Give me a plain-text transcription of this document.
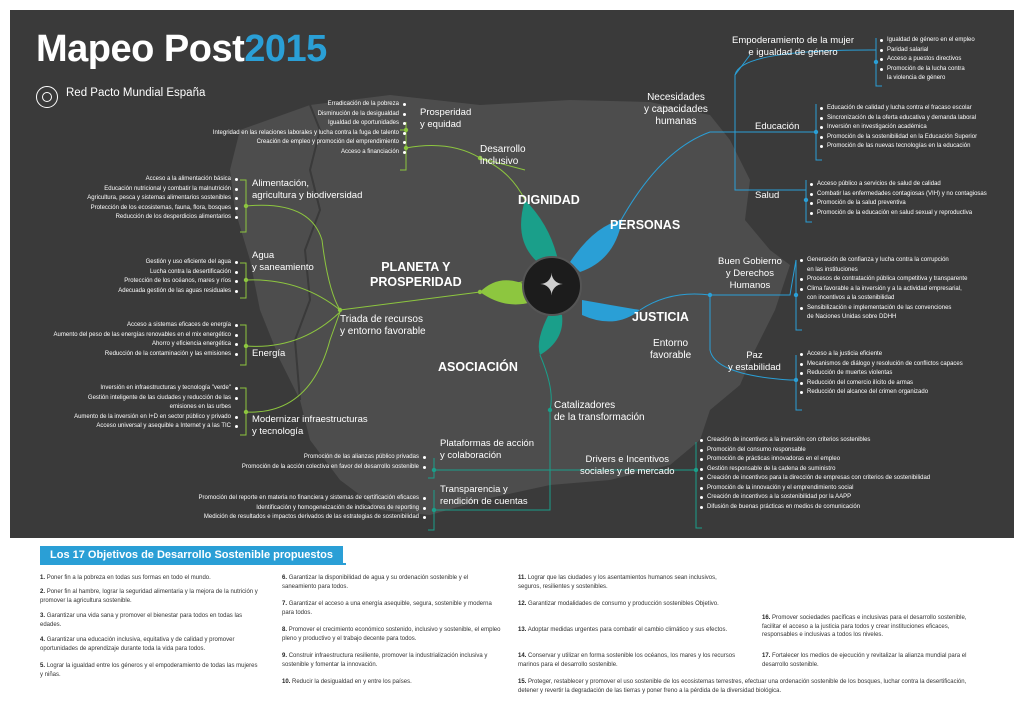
Mapeo Post2015
Red Pacto Mundial España
✦
DIGNIDAD
PERSONAS
PLANETA Y
PROSPERIDAD
JUSTICIA
ASOCIACIÓN
Desarrollo
inclusivo
Necesidades
y capacidades
humanas
Triada de recursos
y entorno favorable
Entorno
favorable
Catalizadores
de la transformación
Prosperidad
y equidad
Empoderamiento de la mujer
e igualdad de género
Educación
Salud
Alimentación,
agricultura y biodiversidad
Agua
y saneamiento
Energía
Modernizar infraestructuras
y tecnología
Buen Gobierno
y Derechos
Humanos
Paz
y estabilidad
Plataformas de acción
y colaboración
Transparencia y
rendición de cuentas
Drivers e Incentivos
sociales y de mercado
Erradicación de la pobreza
Disminución de la desigualdad
Igualdad de oportunidades
Integridad en las relaciones laborales y lucha contra la fuga de talento
Creación de empleo y promoción del emprendimiento
Acceso a financiación
Igualdad de género en el empleo
Paridad salarial
Acceso a puestos directivos
Promoción de la lucha contra
la violencia de género
Educación de calidad y lucha contra el fracaso escolar
Sincronización de la oferta educativa y demanda laboral
Inversión en investigación académica
Promoción de la sostenibilidad en la Educación Superior
Promoción de las nuevas tecnologías en la educación
Acceso público a servicios de salud de calidad
Combatir las enfermedades contagiosas (VIH) y no contagiosas
Promoción de la salud preventiva
Promoción de la educación en salud sexual y reproductiva
Acceso a la alimentación básica
Educación nutricional y combatir la malnutrición
Agricultura, pesca y sistemas alimentarios sostenibles
Protección de los ecosistemas, fauna, flora, bosques
Reducción de los desperdicios alimentarios
Gestión y uso eficiente del agua
Lucha contra la desertificación
Protección de los océanos, mares y ríos
Adecuada gestión de las aguas residuales
Acceso a sistemas eficaces de energía
Aumento del peso de las energías renovables en el mix energético
Ahorro y eficiencia energética
Reducción de la contaminación y las emisiones
Inversión en infraestructuras y tecnología "verde"
Gestión inteligente de las ciudades y reducción de las
emisiones en las urbes
Aumento de la inversión en I+D en sector público y privado
Acceso universal y asequible a Internet y a las TIC
Generación de confianza y lucha contra la corrupción
en las instituciones
Procesos de contratación pública competitiva y transparente
Clima favorable a la inversión y a la actividad empresarial,
con incentivos a la sostenibilidad
Sensibilización e implementación de las convenciones
de Naciones Unidas sobre DDHH
Acceso a la justicia eficiente
Mecanismos de diálogo y resolución de conflictos capaces
Reducción de muertes violentas
Reducción del comercio ilícito de armas
Reducción del alcance del crimen organizado
Promoción de las alianzas público privadas
Promoción de la acción colectiva en favor del desarrollo sostenible
Promoción del reporte en materia no financiera y sistemas de certificación eficaces
Identificación y homogeneización de indicadores de reporting
Medición de resultados e impactos derivados de las estrategias de sostenibilidad
Creación de incentivos a la inversión con criterios sostenibles
Promoción del consumo responsable
Promoción de prácticas innovadoras en el empleo
Gestión responsable de la cadena de suministro
Creación de incentivos para la dirección de empresas con criterios de sostenibilidad
Promoción de la innovación y el emprendimiento social
Creación de incentivos a la sostenibilidad por la AAPP
Difusión de buenas prácticas en medios de comunicación
Los 17 Objetivos de Desarrollo Sostenible propuestos
1. Poner fin a la pobreza en todas sus formas en todo el mundo.
2. Poner fin al hambre, lograr la seguridad alimentaria y la mejora de la nutrición y promover la agricultura sostenible.
3. Garantizar una vida sana y promover el bienestar para todos en todas las edades.
4. Garantizar una educación inclusiva, equitativa y de calidad y promover oportunidades de aprendizaje durante toda la vida para todos.
5. Lograr la igualdad entre los géneros y el empoderamiento de todas las mujeres y niñas.
6. Garantizar la disponibilidad de agua y su ordenación sostenible y el saneamiento para todos.
7. Garantizar el acceso a una energía asequible, segura, sostenible y moderna para todos.
8. Promover el crecimiento económico sostenido, inclusivo y sostenible, el empleo pleno y productivo y el trabajo decente para todos.
9. Construir infraestructura resiliente, promover la industrialización inclusiva y sostenible y fomentar la innovación.
10. Reducir la desigualdad en y entre los países.
11. Lograr que las ciudades y los asentamientos humanos sean inclusivos, seguros, resilientes y sostenibles.
12. Garantizar modalidades de consumo y producción sostenibles Objetivo.
13. Adoptar medidas urgentes para combatir el cambio climático y sus efectos.
14. Conservar y utilizar en forma sostenible los océanos, los mares y los recursos marinos para el desarrollo sostenible.
15. Proteger, restablecer y promover el uso sostenible de los ecosistemas terrestres, efectuar una ordenación sostenible de los bosques, luchar contra la desertificación, detener y revertir la degradación de las tierras y poner freno a la pérdida de la diversidad biológica.
16. Promover sociedades pacíficas e inclusivas para el desarrollo sostenible, facilitar el acceso a la justicia para todos y crear instituciones eficaces, responsables e inclusivas a todos los niveles.
17. Fortalecer los medios de ejecución y revitalizar la alianza mundial para el desarrollo sostenible.
